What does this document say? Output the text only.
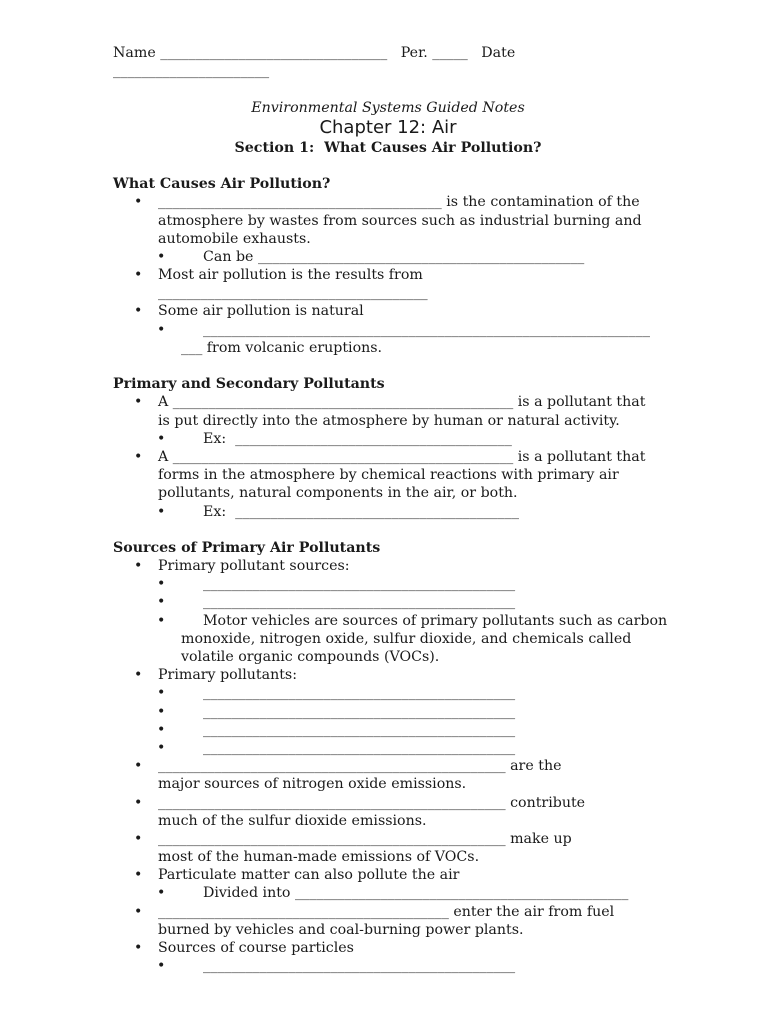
Name ________________________________   Per. _____   Date
______________________
Environmental Systems Guided Notes
Chapter 12: Air
Section 1:  What Causes Air Pollution?
What Causes Air Pollution?
• ________________________________________ is the contamination of the
atmosphere by wastes from sources such as industrial burning and
automobile exhausts.
•	Can be ______________________________________________
• Most air pollution is the results from
______________________________________
• Some air pollution is natural
•	_______________________________________________________________
___ from volcanic eruptions.
Primary and Secondary Pollutants
• A ________________________________________________ is a pollutant that
is put directly into the atmosphere by human or natural activity.
•	Ex:  _______________________________________
• A ________________________________________________ is a pollutant that
forms in the atmosphere by chemical reactions with primary air
pollutants, natural components in the air, or both.
•	Ex:  ________________________________________
Sources of Primary Air Pollutants
• Primary pollutant sources:
•	____________________________________________
•	____________________________________________
•	Motor vehicles are sources of primary pollutants such as carbon
monoxide, nitrogen oxide, sulfur dioxide, and chemicals called
volatile organic compounds (VOCs).
• Primary pollutants:
•	____________________________________________
•	____________________________________________
•	____________________________________________
•	____________________________________________
• _________________________________________________ are the
major sources of nitrogen oxide emissions.
• _________________________________________________ contribute
much of the sulfur dioxide emissions.
• _________________________________________________ make up
most of the human-made emissions of VOCs.
• Particulate matter can also pollute the air
•	Divided into _______________________________________________
• _________________________________________ enter the air from fuel
burned by vehicles and coal-burning power plants.
• Sources of course particles
•	____________________________________________
